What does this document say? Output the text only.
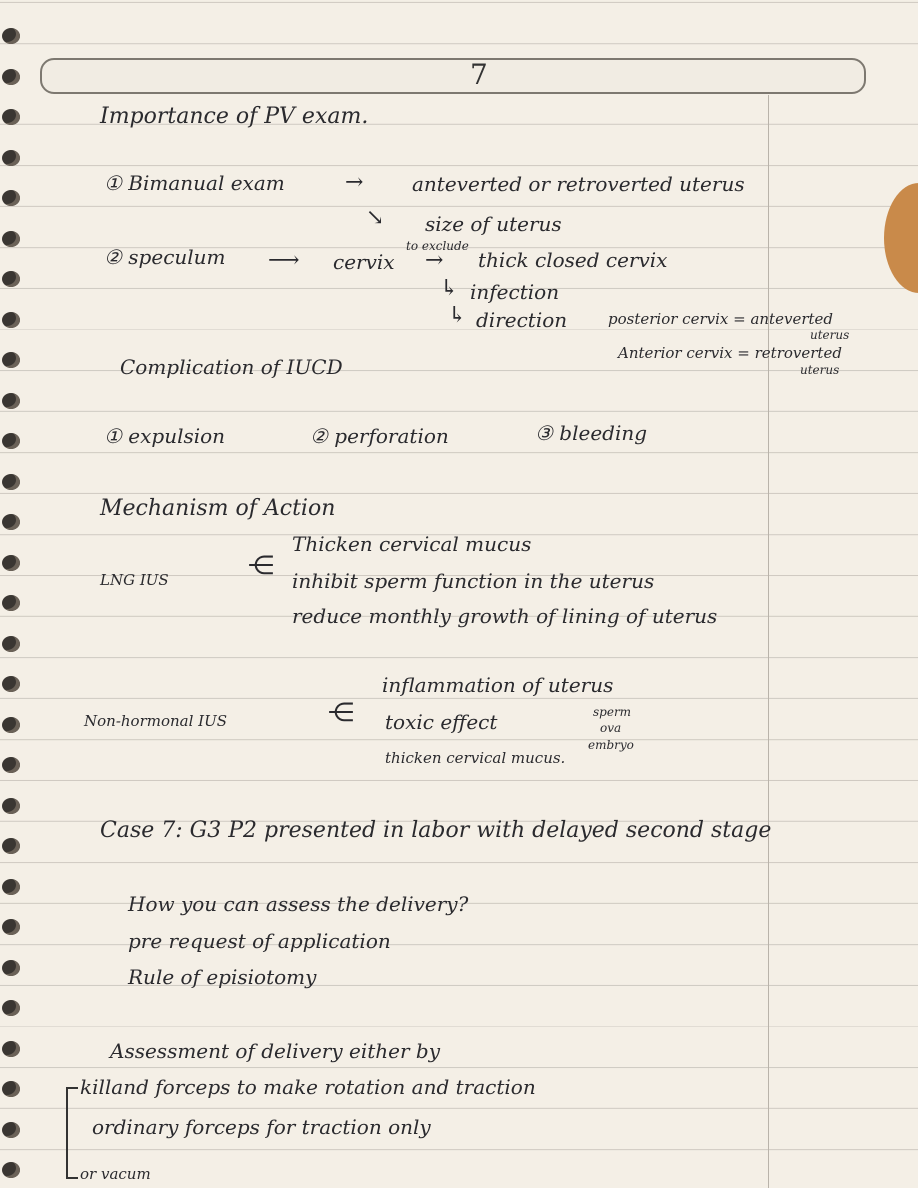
7
Importance of PV exam.
① Bimanual exam	→ anteverted or retroverted uterus
→ size of uterus
② speculum ⟶ cervix
to exclude
→ thick closed cervix
↳ infection
↳ direction	posterior cervix = anteverted
uterus
Anterior cervix = retroverted
uterus
Complication of IUCD
① expulsion	② perforation	③ bleeding
Mechanism of Action
LNG IUS	⋲
Thicken cervical mucus
inhibit sperm function in the uterus
reduce monthly growth of lining of uterus
Non-hormonal IUS	⋲
inflammation of uterus
toxic effect	sperm
ova
embryo
thicken cervical mucus.
Case 7: G3 P2 presented in labor with delayed second stage
How you can assess the delivery?
pre request of application
Rule of episiotomy
Assessment of delivery either by
killand forceps to make rotation and traction
ordinary forceps for traction only
or vacum
